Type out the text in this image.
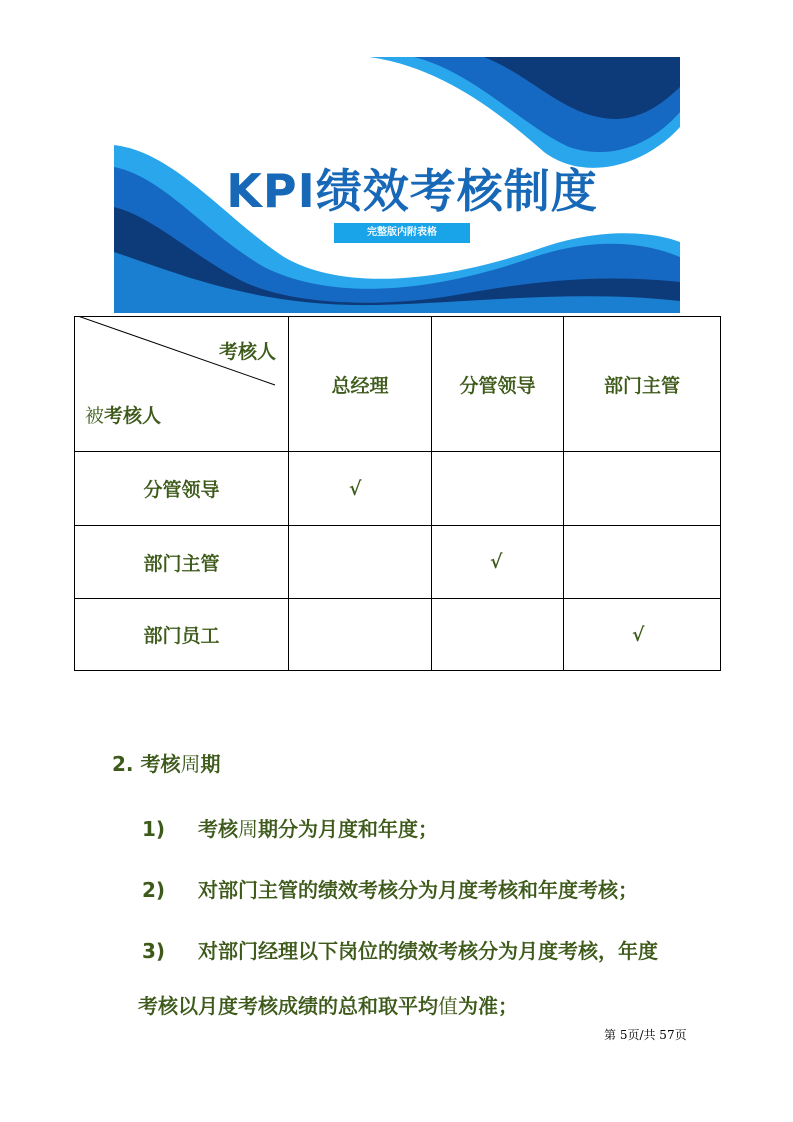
KPI绩效考核制度
完整版内附表格
考核人
被考核人	总经理	分管领导	部门主管
分管领导	√		
部门主管		√	
部门员工			√
2. 考核周期
1) 考核周期分为月度和年度；
2) 对部门主管的绩效考核分为月度考核和年度考核；
3) 对部门经理以下岗位的绩效考核分为月度考核，年度
考核以月度考核成绩的总和取平均值为准；
第 5页/共 57页
